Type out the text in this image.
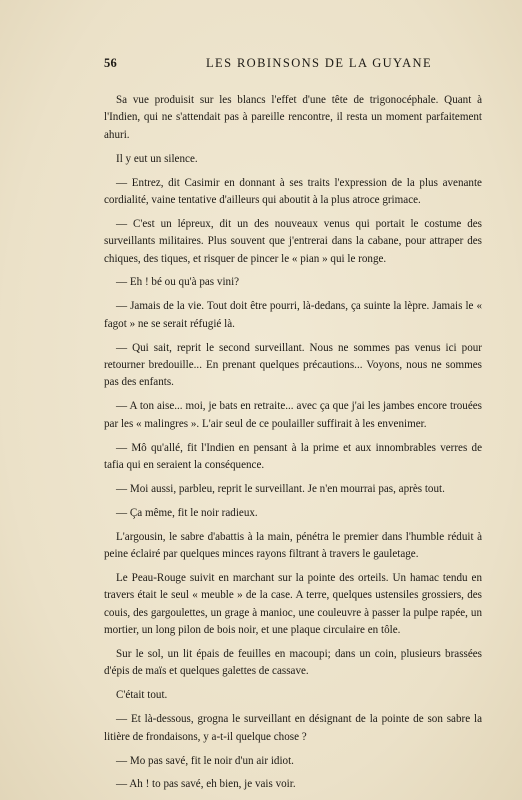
56	LES ROBINSONS DE LA GUYANE

Sa vue produisit sur les blancs l'effet d'une tête de trigonocéphale. Quant à l'Indien, qui ne s'attendait pas à pareille rencontre, il resta un moment parfaitement ahuri.

Il y eut un silence.

— Entrez, dit Casimir en donnant à ses traits l'expression de la plus avenante cordialité, vaine tentative d'ailleurs qui aboutit à la plus atroce grimace.

— C'est un lépreux, dit un des nouveaux venus qui portait le costume des surveillants militaires. Plus souvent que j'entrerai dans la cabane, pour attraper des chiques, des tiques, et risquer de pincer le « pian » qui le ronge.

— Eh ! bé ou qu'à pas vini?

— Jamais de la vie. Tout doit être pourri, là-dedans, ça suinte la lèpre. Jamais le « fagot » ne se serait réfugié là.

— Qui sait, reprit le second surveillant. Nous ne sommes pas venus ici pour retourner bredouille... En prenant quelques précautions... Voyons, nous ne sommes pas des enfants.

— A ton aise... moi, je bats en retraite... avec ça que j'ai les jambes encore trouées par les « malingres ». L'air seul de ce poulailler suffirait à les envenimer.

— Mô qu'allé, fit l'Indien en pensant à la prime et aux innombrables verres de tafia qui en seraient la conséquence.

— Moi aussi, parbleu, reprit le surveillant. Je n'en mourrai pas, après tout.

— Ça même, fit le noir radieux.

L'argousin, le sabre d'abattis à la main, pénétra le premier dans l'humble réduit à peine éclairé par quelques minces rayons filtrant à travers le gauletage.

Le Peau-Rouge suivit en marchant sur la pointe des orteils. Un hamac tendu en travers était le seul « meuble » de la case. A terre, quelques ustensiles grossiers, des couis, des gargoulettes, un grage à manioc, une couleuvre à passer la pulpe rapée, un mortier, un long pilon de bois noir, et une plaque circulaire en tôle.

Sur le sol, un lit épais de feuilles en macoupi; dans un coin, plusieurs brassées d'épis de maïs et quelques galettes de cassave.

C'était tout.

— Et là-dessous, grogna le surveillant en désignant de la pointe de son sabre la litière de frondaisons, y a-t-il quelque chose ?

— Mo pas savé, fit le noir d'un air idiot.

— Ah ! to pas savé, eh bien, je vais voir.
